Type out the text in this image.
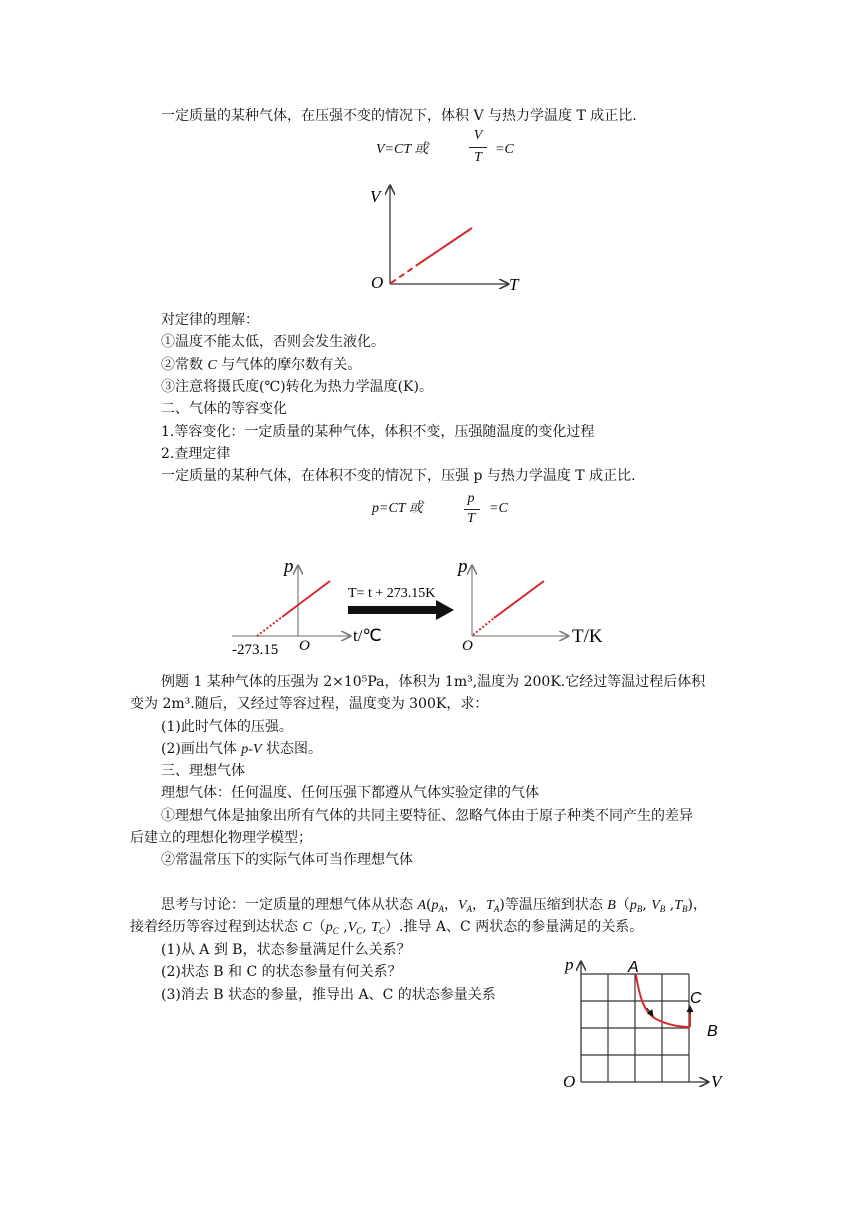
一定质量的某种气体，在压强不变的情况下，体积 V 与热力学温度 T 成正比.
V=CT 或
V
T
=C
V
T
O
对定律的理解：
①温度不能太低，否则会发生液化。
②常数 C 与气体的摩尔数有关。
③注意将摄氏度(℃)转化为热力学温度(K)。
二、气体的等容变化
1.等容变化：一定质量的某种气体，体积不变，压强随温度的变化过程
2.查理定律
一定质量的某种气体，在体积不变的情况下，压强 p 与热力学温度 T 成正比.
p=CT 或
p
T
=C
p
t/℃
O
-273.15
T= t + 273.15K
p
T/K
O
例题 1 某种气体的压强为 2×10⁵Pa，体积为 1m³,温度为 200K.它经过等温过程后体积
变为 2m³.随后，又经过等容过程，温度变为 300K，求：
(1)此时气体的压强。
(2)画出气体 p-V 状态图。
三、理想气体
理想气体：任何温度、任何压强下都遵从气体实验定律的气体
①理想气体是抽象出所有气体的共同主要特征、忽略气体由于原子种类不同产生的差异
后建立的理想化物理学模型；
②常温常压下的实际气体可当作理想气体
思考与讨论：一定质量的理想气体从状态 $A(p_A$，$V_A$，$T_A$)等温压缩到状态 $B(p_B$, $V_B$ $,T_B$)，
接着经历等容过程到达状态 $C(p_C$ $,V_C$, $T_C$）.推导 A、C 两状态的参量满足的关系。
(1)从 A 到 B，状态参量满足什么关系？
(2)状态 B 和 C 的状态参量有何关系？
(3)消去 B 状态的参量，推导出 A、C 的状态参量关系
p
V
O
A
C
B
